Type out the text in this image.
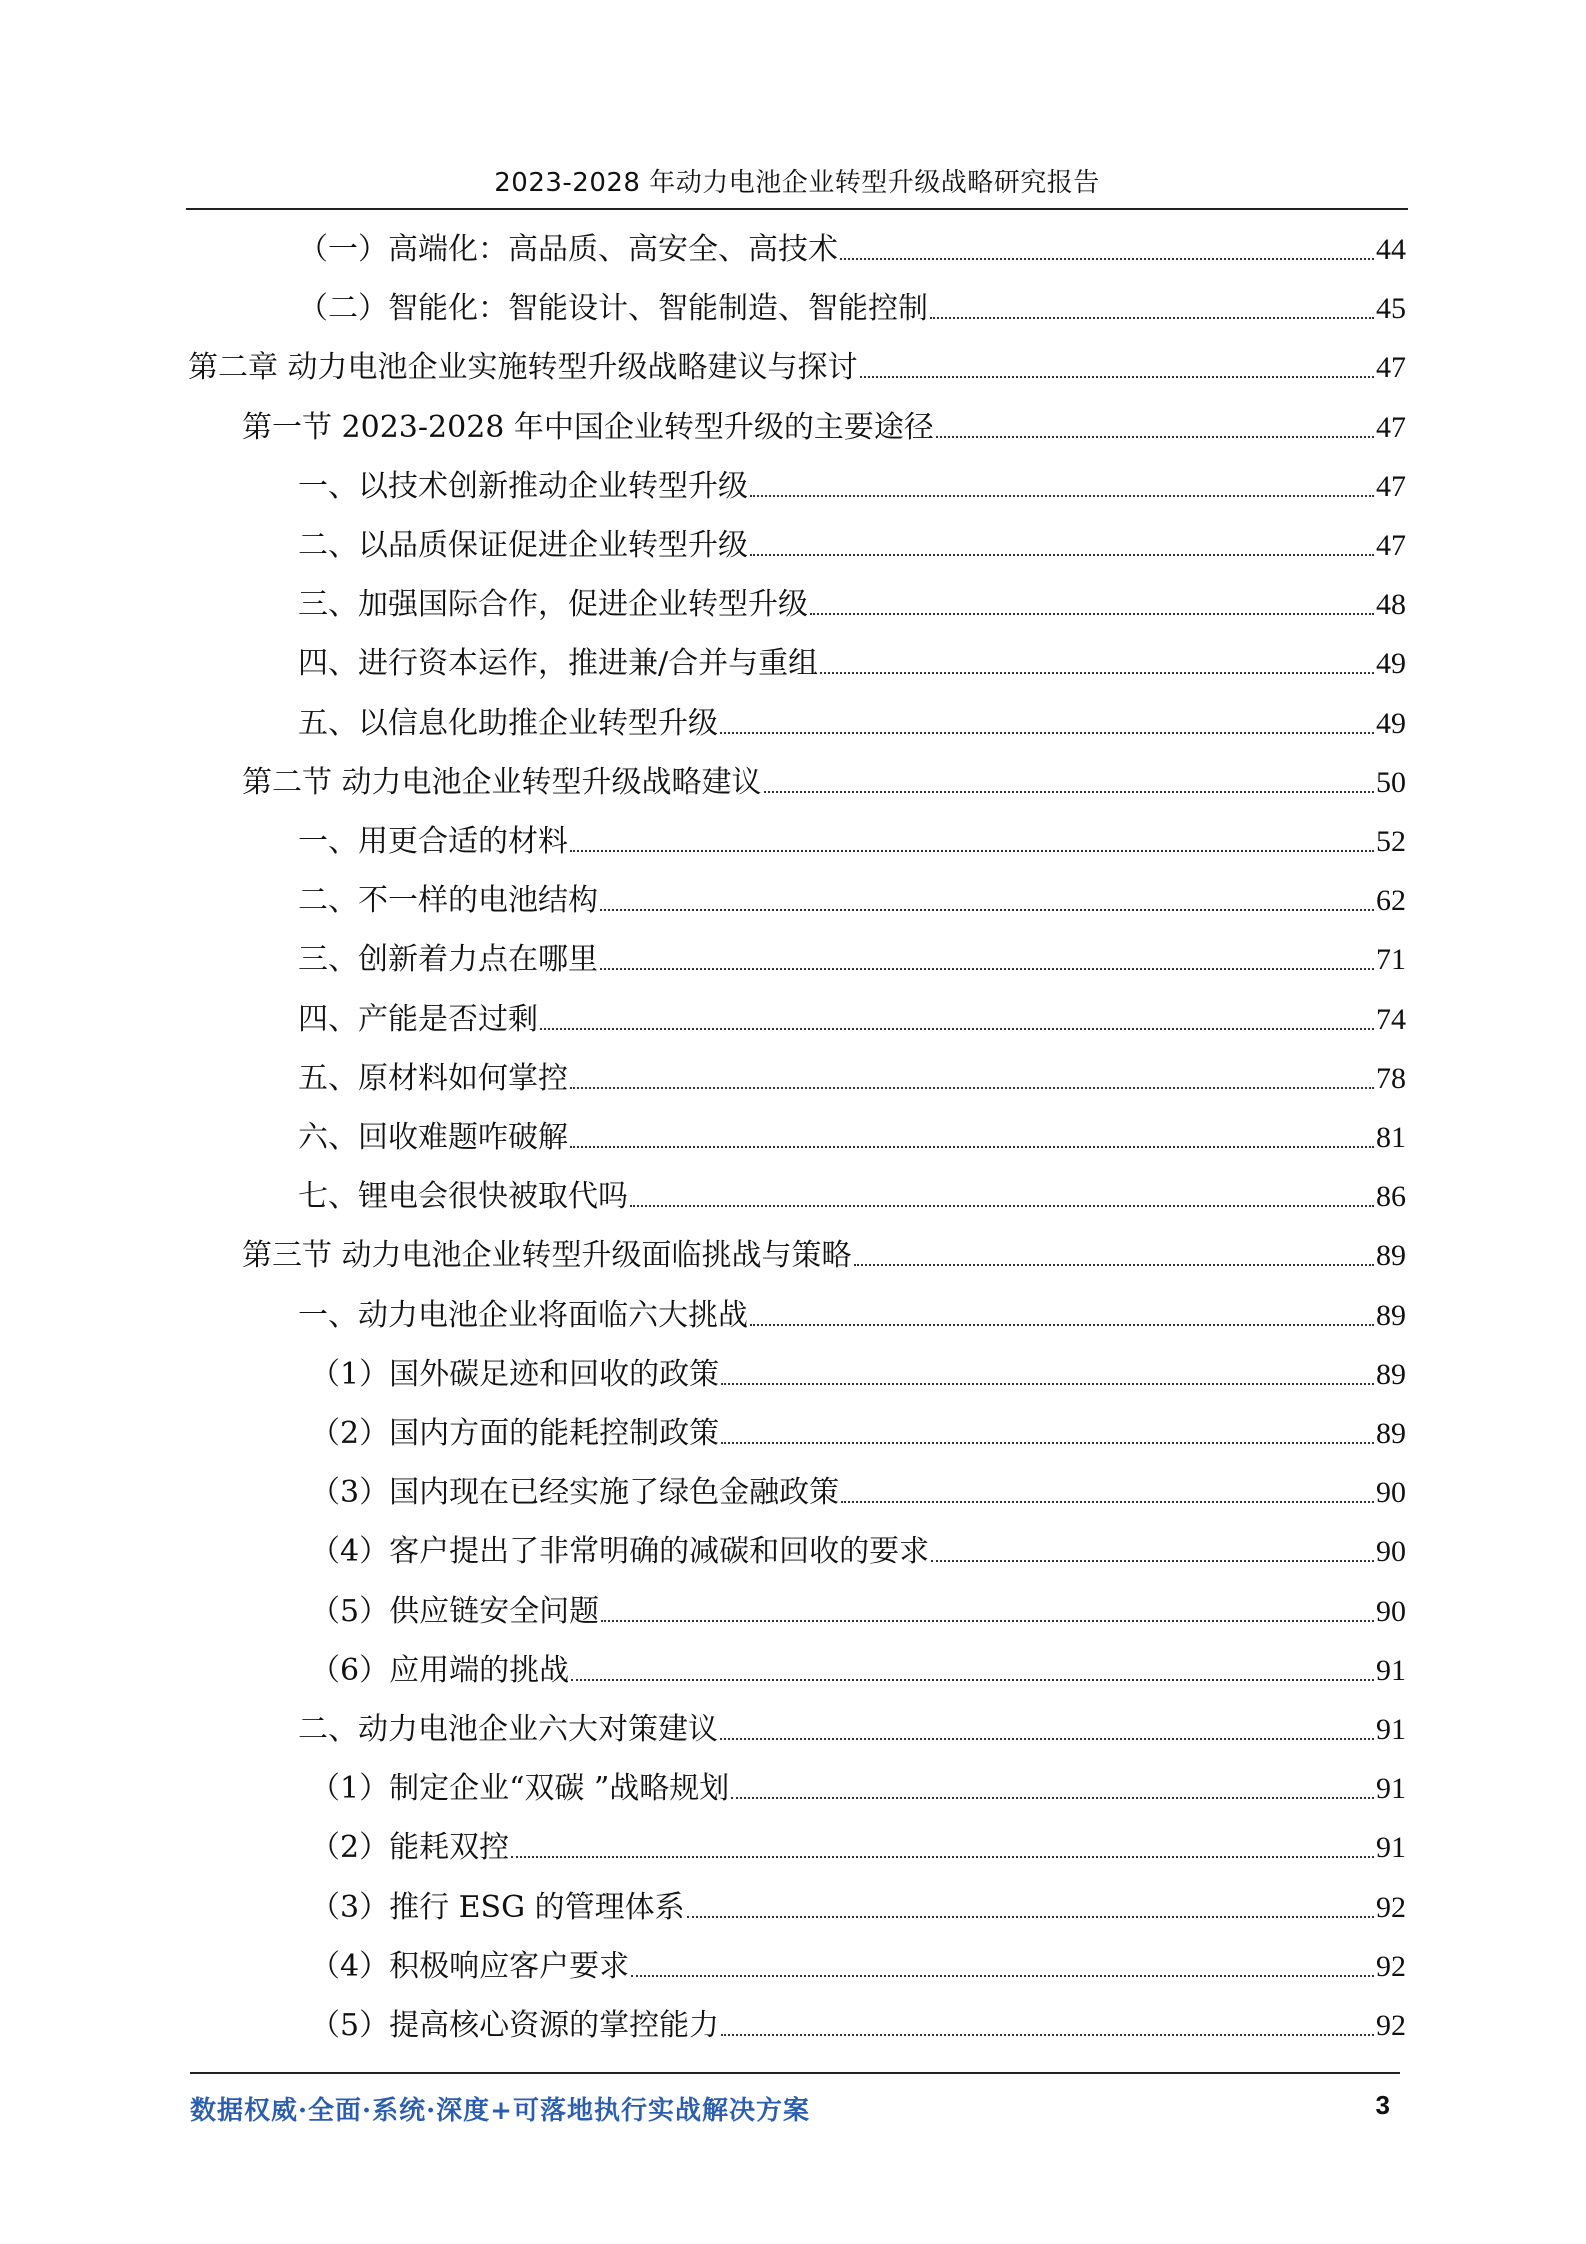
2023-2028 年动力电池企业转型升级战略研究报告
（一）高端化：高品质、高安全、高技术	44
（二）智能化：智能设计、智能制造、智能控制	45
第二章 动力电池企业实施转型升级战略建议与探讨	47
第一节 2023-2028 年中国企业转型升级的主要途径	47
一、以技术创新推动企业转型升级	47
二、以品质保证促进企业转型升级	47
三、加强国际合作，促进企业转型升级	48
四、进行资本运作，推进兼/合并与重组	49
五、以信息化助推企业转型升级	49
第二节 动力电池企业转型升级战略建议	50
一、用更合适的材料	52
二、不一样的电池结构	62
三、创新着力点在哪里	71
四、产能是否过剩	74
五、原材料如何掌控	78
六、回收难题咋破解	81
七、锂电会很快被取代吗	86
第三节 动力电池企业转型升级面临挑战与策略	89
一、动力电池企业将面临六大挑战	89
（1）国外碳足迹和回收的政策	89
（2）国内方面的能耗控制政策	89
（3）国内现在已经实施了绿色金融政策	90
（4）客户提出了非常明确的减碳和回收的要求	90
（5）供应链安全问题	90
（6）应用端的挑战	91
二、动力电池企业六大对策建议	91
（1）制定企业“双碳 ”战略规划	91
（2）能耗双控	91
（3）推行 ESG 的管理体系	92
（4）积极响应客户要求	92
（5）提高核心资源的掌控能力	92
数据权威·全面·系统·深度+可落地执行实战解决方案	3
